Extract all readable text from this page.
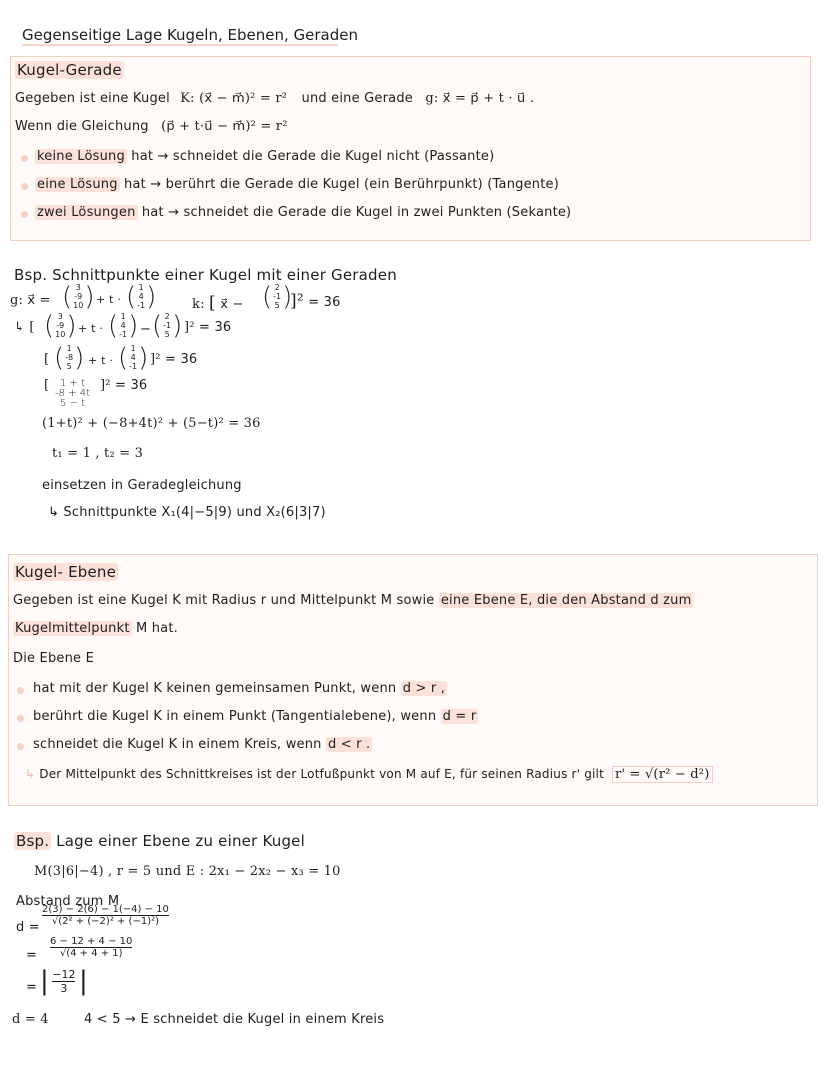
Gegenseitige Lage Kugeln, Ebenen, Geraden
Kugel-Gerade
Gegeben ist eine Kugel K: (x⃗ − m⃗)² = r² und eine Gerade g: x⃗ = p⃗ + t · u⃗ .
Wenn die Gleichung (p⃗ + t·u⃗ − m⃗)² = r²
keine Lösung hat → schneidet die Gerade die Kugel nicht (Passante)
eine Lösung hat → berührt die Gerade die Kugel (ein Berührpunkt) (Tangente)
zwei Lösungen hat → schneidet die Gerade die Kugel in zwei Punkten (Sekante)
Bsp. Schnittpunkte einer Kugel mit einer Geraden
g: x⃗ = ( 3
-9
10 ) + t · ( 1
4
-1 )	k: [ x⃗ − ( 2
-1
5 )
]² = 36
↳ [ ( 3
-9
10 ) + t · ( 1
4
-1 ) − ( 2
-1
5 ) ]² = 36
[ ( 1
-8
5 ) + t · ( 1
4
-1 ) ]² = 36
[ 1 + t
-8 + 4t
5 − t
]² = 36
(1+t)² + (−8+4t)² + (5−t)² = 36
t₁ = 1 , t₂ = 3
einsetzen in Geradegleichung
↳ Schnittpunkte X₁(4|−5|9) und X₂(6|3|7)
Kugel- Ebene
Gegeben ist eine Kugel K mit Radius r und Mittelpunkt M sowie eine Ebene E, die den Abstand d zum
Kugelmittelpunkt M hat.
Die Ebene E
hat mit der Kugel K keinen gemeinsamen Punkt, wenn d > r ,
berührt die Kugel K in einem Punkt (Tangentialebene), wenn d = r
schneidet die Kugel K in einem Kreis, wenn d < r .
↳ Der Mittelpunkt des Schnittkreises ist der Lotfußpunkt von M auf E, für seinen Radius r' gilt r' = √(r² − d²)
Bsp. Lage einer Ebene zu einer Kugel
M(3|6|−4) , r = 5 und E : 2x₁ − 2x₂ − x₃ = 10
Abstand zum M
d =
2(3) − 2(6) − 1(−4) − 10
√(2² + (−2)² + (−1)²)
=
6 − 12 + 4 − 10
√(4 + 4 + 1)
= | $\frac{-12}{3}$ |
d = 4	4 < 5 → E schneidet die Kugel in einem Kreis
